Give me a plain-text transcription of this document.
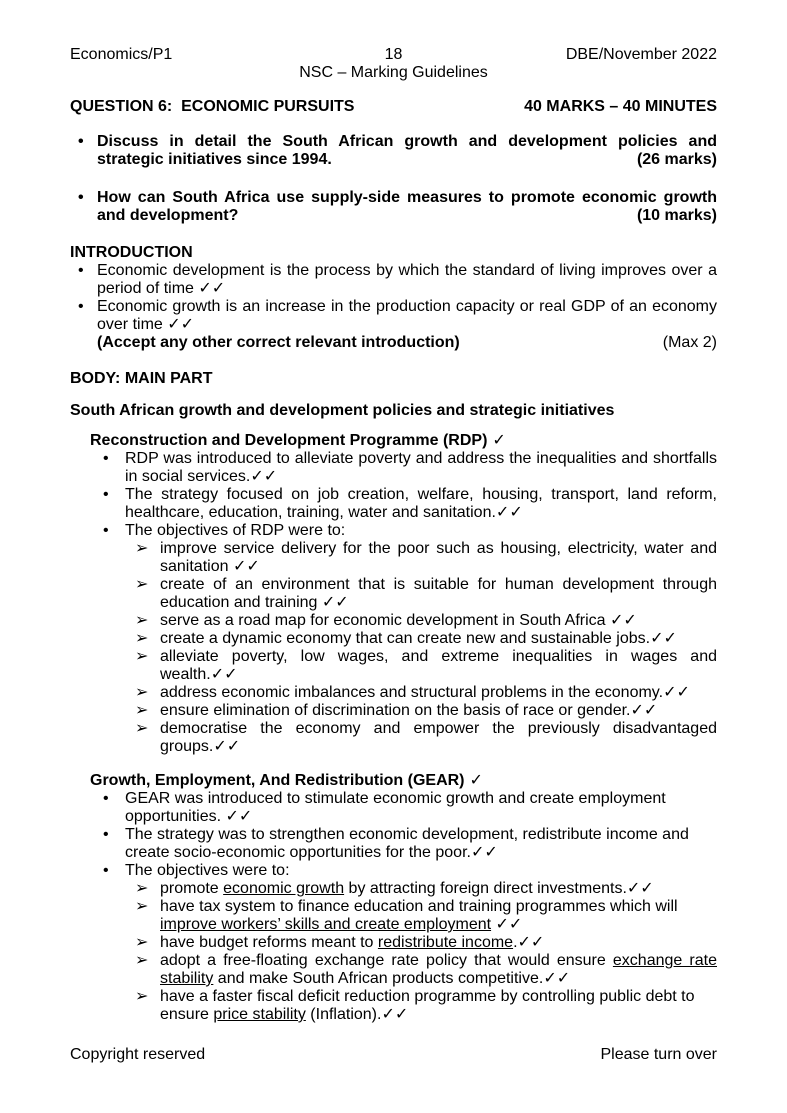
Economics/P1	18	DBE/November 2022
NSC – Marking Guidelines
QUESTION 6:  ECONOMIC PURSUITS	40 MARKS – 40 MINUTES
• Discuss in detail the South African growth and development policies and strategic initiatives since 1994.	(26 marks)
• How can South Africa use supply-side measures to promote economic growth and development?	(10 marks)
INTRODUCTION
• Economic development is the process by which the standard of living improves over a period of time ✓✓
• Economic growth is an increase in the production capacity or real GDP of an economy over time ✓✓
(Accept any other correct relevant introduction)	(Max 2)
BODY: MAIN PART
South African growth and development policies and strategic initiatives
Reconstruction and Development Programme (RDP) ✓
•	RDP was introduced to alleviate poverty and address the inequalities and shortfalls in social services.✓✓
•	The strategy focused on job creation, welfare, housing, transport, land reform, healthcare, education, training, water and sanitation.✓✓
•	The objectives of RDP were to:
➢ improve service delivery for the poor such as housing, electricity, water and sanitation ✓✓
➢ create of an environment that is suitable for human development through education and training ✓✓
➢ serve as a road map for economic development in South Africa ✓✓
➢ create a dynamic economy that can create new and sustainable jobs.✓✓
➢ alleviate poverty, low wages, and extreme inequalities in wages and wealth.✓✓
➢ address economic imbalances and structural problems in the economy.✓✓
➢ ensure elimination of discrimination on the basis of race or gender.✓✓
➢ democratise the economy and empower the previously disadvantaged groups.✓✓
Growth, Employment, And Redistribution (GEAR) ✓
•	GEAR was introduced to stimulate economic growth and create employment opportunities. ✓✓
•	The strategy was to strengthen economic development, redistribute income and create socio-economic opportunities for the poor.✓✓
•	The objectives were to:
➢ promote economic growth by attracting foreign direct investments.✓✓
➢ have tax system to finance education and training programmes which will improve workers’ skills and create employment ✓✓
➢ have budget reforms meant to redistribute income.✓✓
➢ adopt a free-floating exchange rate policy that would ensure exchange rate stability and make South African products competitive.✓✓
➢ have a faster fiscal deficit reduction programme by controlling public debt to ensure price stability (Inflation).✓✓
Copyright reserved	Please turn over
